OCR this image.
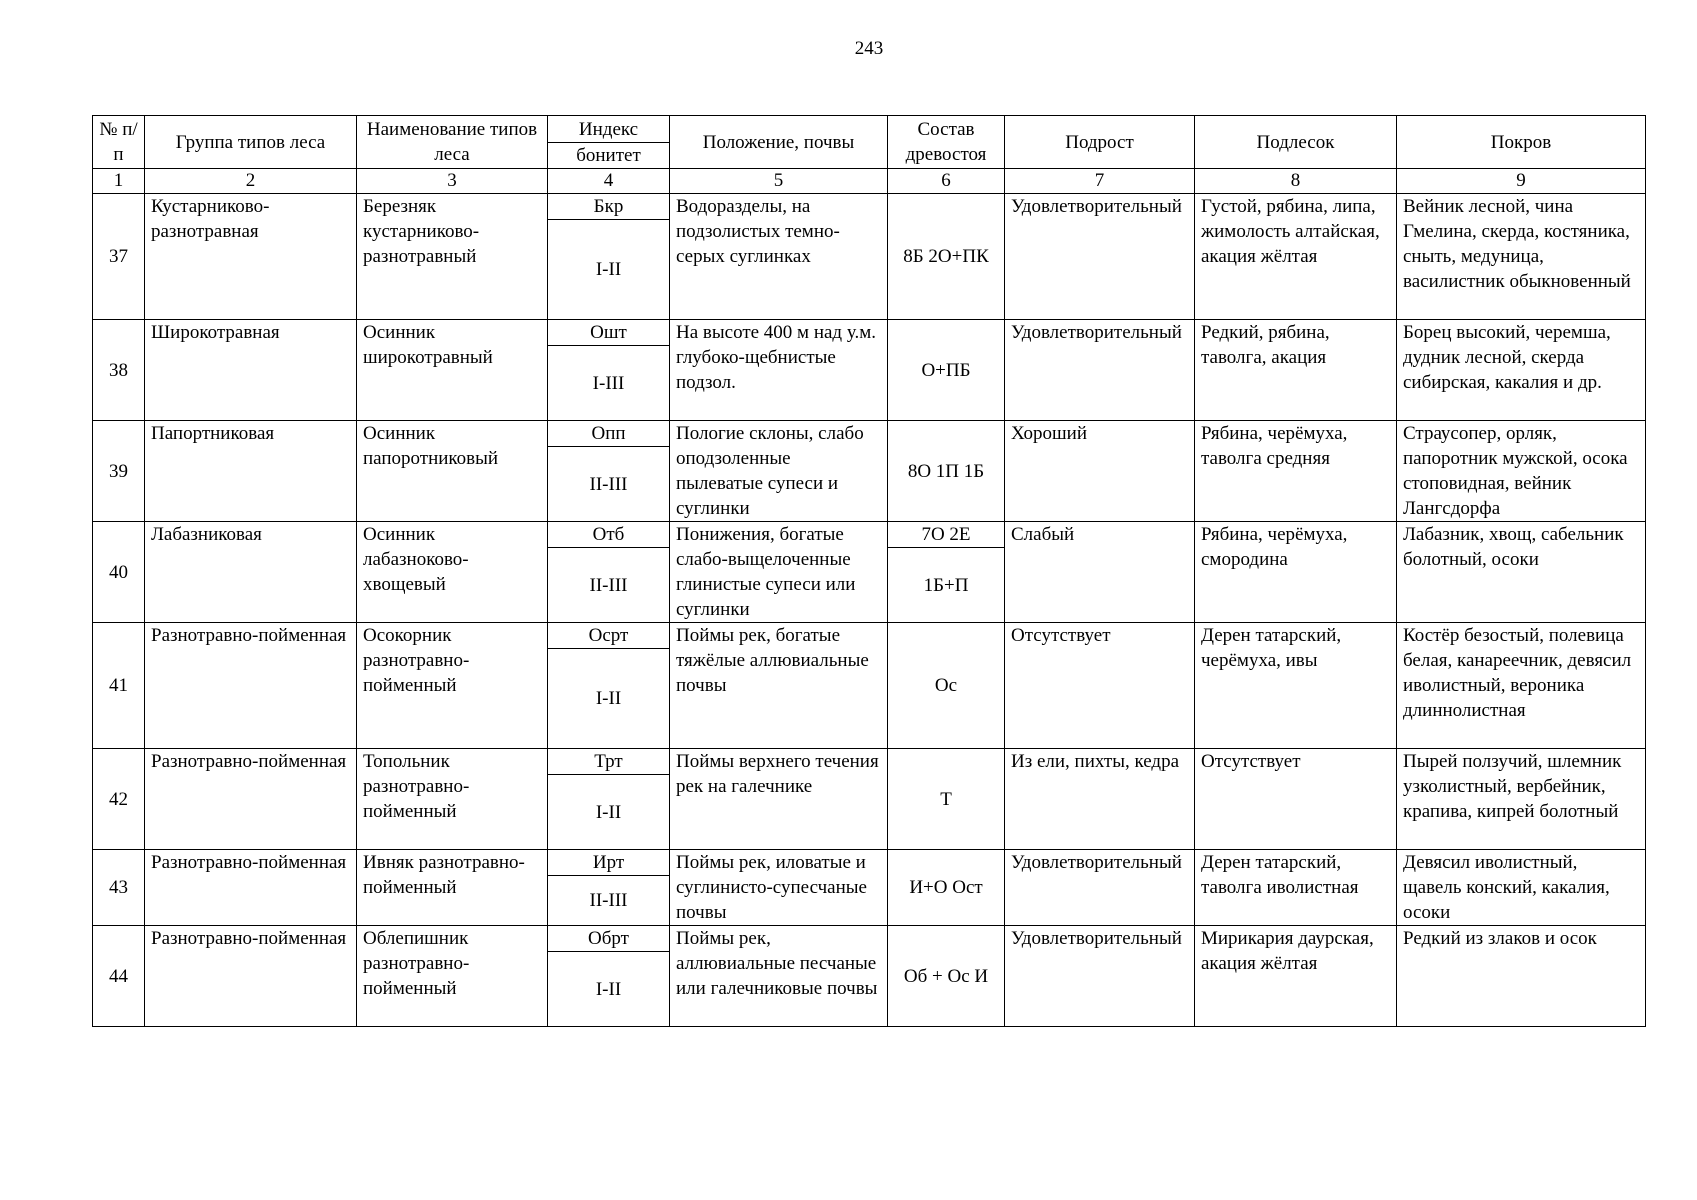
243
№ п/п	Группа типов леса	Наименование типов леса	Индекс	Положение, почвы	Состав древостоя	Подрост	Подлесок	Покров
			бонитет					
1	2	3	4	5	6	7	8	9
37	Кустарниково-разнотравная	Березняк кустарниково-разнотравный	Бкр	Водоразделы, на подзолистых темно-серых суглинках	8Б 2О+ПК	Удовлетворительный	Густой, рябина, липа, жимолость алтайская, акация жёлтая	Вейник лесной, чина Гмелина, скерда, костяника, сныть, медуница, василистник обыкновенный
			I-II					
38	Широкотравная	Осинник широкотравный	Ошт	На высоте 400 м над у.м. глубоко-щебнистые подзол.	О+ПБ	Удовлетворительный	Редкий, рябина, таволга, акация	Борец высокий, черемша, дудник лесной, скерда сибирская, какалия и др.
			I-III					
39	Папортниковая	Осинник папоротниковый	Опп	Пологие склоны, слабо оподзоленные пылеватые супеси и суглинки	8О 1П 1Б	Хороший	Рябина, черёмуха, таволга средняя	Страусопер, орляк, папоротник мужской, осока стоповидная, вейник Лангсдорфа
			II-III					
40	Лабазниковая	Осинник лабазноково-хвощевый	Отб	Понижения, богатые слабо-выщелоченные глинистые супеси или суглинки	7О 2Е	Слабый	Рябина, черёмуха, смородина	Лабазник, хвощ, сабельник болотный, осоки
			II-III		1Б+П			
41	Разнотравно-пойменная	Осокорник разнотравно-пойменный	Осрт	Поймы рек, богатые тяжёлые аллювиальные почвы	Ос	Отсутствует	Дерен татарский, черёмуха, ивы	Костёр безостый, полевица белая, канареечник, девясил иволистный, вероника длиннолистная
			I-II					
42	Разнотравно-пойменная	Топольник разнотравно-пойменный	Трт	Поймы верхнего течения рек на галечнике	Т	Из ели, пихты, кедра	Отсутствует	Пырей ползучий, шлемник узколистный, вербейник, крапива, кипрей болотный
			I-II					
43	Разнотравно-пойменная	Ивняк разнотравно-пойменный	Ирт	Поймы рек, иловатые и суглинисто-супесчаные почвы	И+О Ост	Удовлетворительный	Дерен татарский, таволга иволистная	Девясил иволистный, щавель конский, какалия, осоки
			II-III					
44	Разнотравно-пойменная	Облепишник разнотравно-пойменный	Обрт	Поймы рек, аллювиальные песчаные или галечниковые почвы	Об + Ос И	Удовлетворительный	Мирикария даурская, акация жёлтая	Редкий из злаков и осок
			I-II					
